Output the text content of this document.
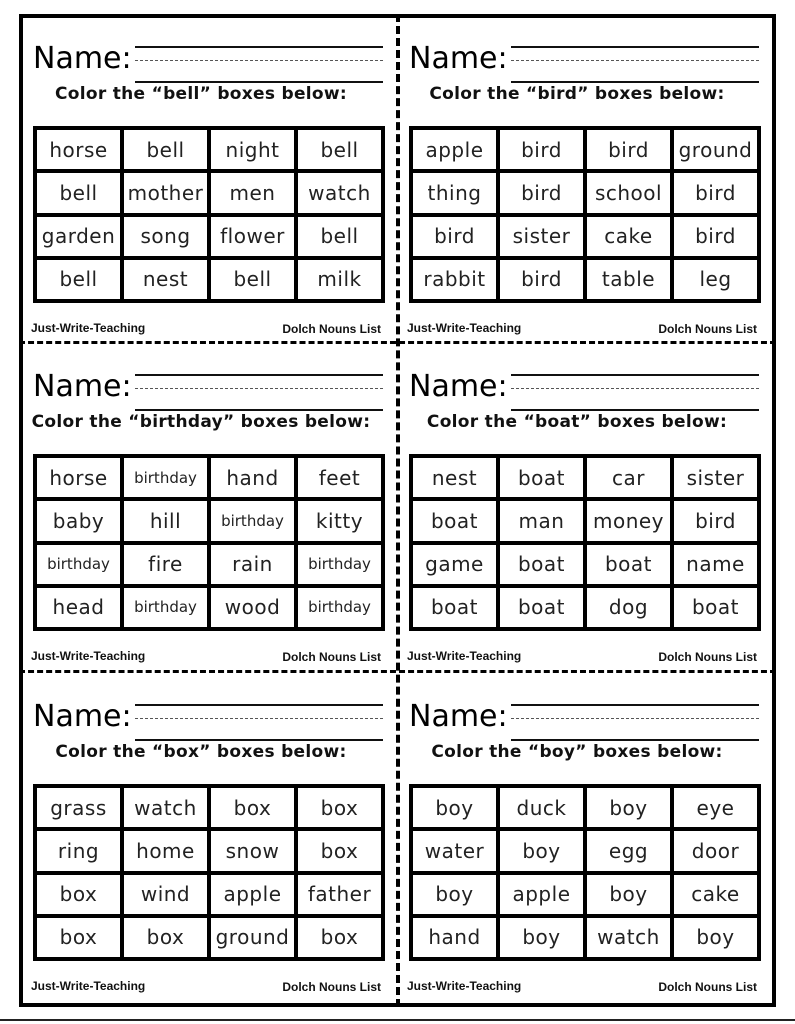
Name:
Color the “bell” boxes below:
horse	bell	night	bell
bell	mother	men	watch
garden	song	flower	bell
bell	nest	bell	milk
Just-Write-Teaching	Dolch Nouns List
Name:
Color the “bird” boxes below:
apple	bird	bird	ground
thing	bird	school	bird
bird	sister	cake	bird
rabbit	bird	table	leg
Just-Write-Teaching	Dolch Nouns List
Name:
Color the “birthday” boxes below:
horse	birthday	hand	feet
baby	hill	birthday	kitty
birthday	fire	rain	birthday
head	birthday	wood	birthday
Just-Write-Teaching	Dolch Nouns List
Name:
Color the “boat” boxes below:
nest	boat	car	sister
boat	man	money	bird
game	boat	boat	name
boat	boat	dog	boat
Just-Write-Teaching	Dolch Nouns List
Name:
Color the “box” boxes below:
grass	watch	box	box
ring	home	snow	box
box	wind	apple	father
box	box	ground	box
Just-Write-Teaching	Dolch Nouns List
Name:
Color the “boy” boxes below:
boy	duck	boy	eye
water	boy	egg	door
boy	apple	boy	cake
hand	boy	watch	boy
Just-Write-Teaching	Dolch Nouns List
